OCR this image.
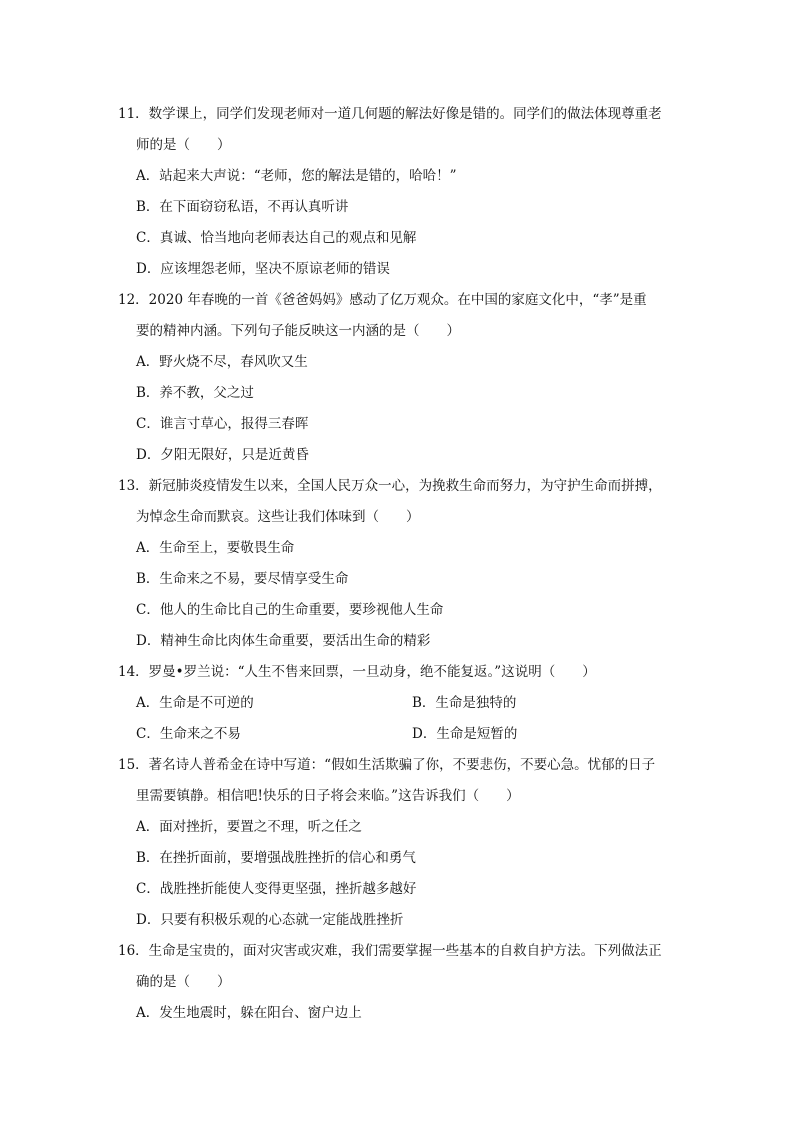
11．数学课上，同学们发现老师对一道几何题的解法好像是错的。同学们的做法体现尊重老
师的是（　　）
A．站起来大声说：“老师，您的解法是错的，哈哈！”
B．在下面窃窃私语，不再认真听讲
C．真诚、恰当地向老师表达自己的观点和见解
D．应该埋怨老师，坚决不原谅老师的错误
12．2020 年春晚的一首《爸爸妈妈》感动了亿万观众。在中国的家庭文化中，“孝”是重
要的精神内涵。下列句子能反映这一内涵的是（　　）
A．野火烧不尽，春风吹又生
B．养不教，父之过
C．谁言寸草心，报得三春晖
D．夕阳无限好，只是近黄昏
13．新冠肺炎疫情发生以来，全国人民万众一心，为挽救生命而努力，为守护生命而拼搏，
为悼念生命而默哀。这些让我们体味到（　　）
A．生命至上，要敬畏生命
B．生命来之不易，要尽情享受生命
C．他人的生命比自己的生命重要，要珍视他人生命
D．精神生命比肉体生命重要，要活出生命的精彩
14．罗曼•罗兰说：“人生不售来回票，一旦动身，绝不能复返。”这说明（　　）
A．生命是不可逆的	B．生命是独特的
C．生命来之不易	D．生命是短暂的
15．著名诗人普希金在诗中写道：“假如生活欺骗了你，不要悲伤，不要心急。忧郁的日子
里需要镇静。相信吧!快乐的日子将会来临。”这告诉我们（　　）
A．面对挫折，要置之不理，听之任之
B．在挫折面前，要增强战胜挫折的信心和勇气
C．战胜挫折能使人变得更坚强，挫折越多越好
D．只要有积极乐观的心态就一定能战胜挫折
16．生命是宝贵的，面对灾害或灾难，我们需要掌握一些基本的自救自护方法。下列做法正
确的是（　　）
A．发生地震时，躲在阳台、窗户边上
